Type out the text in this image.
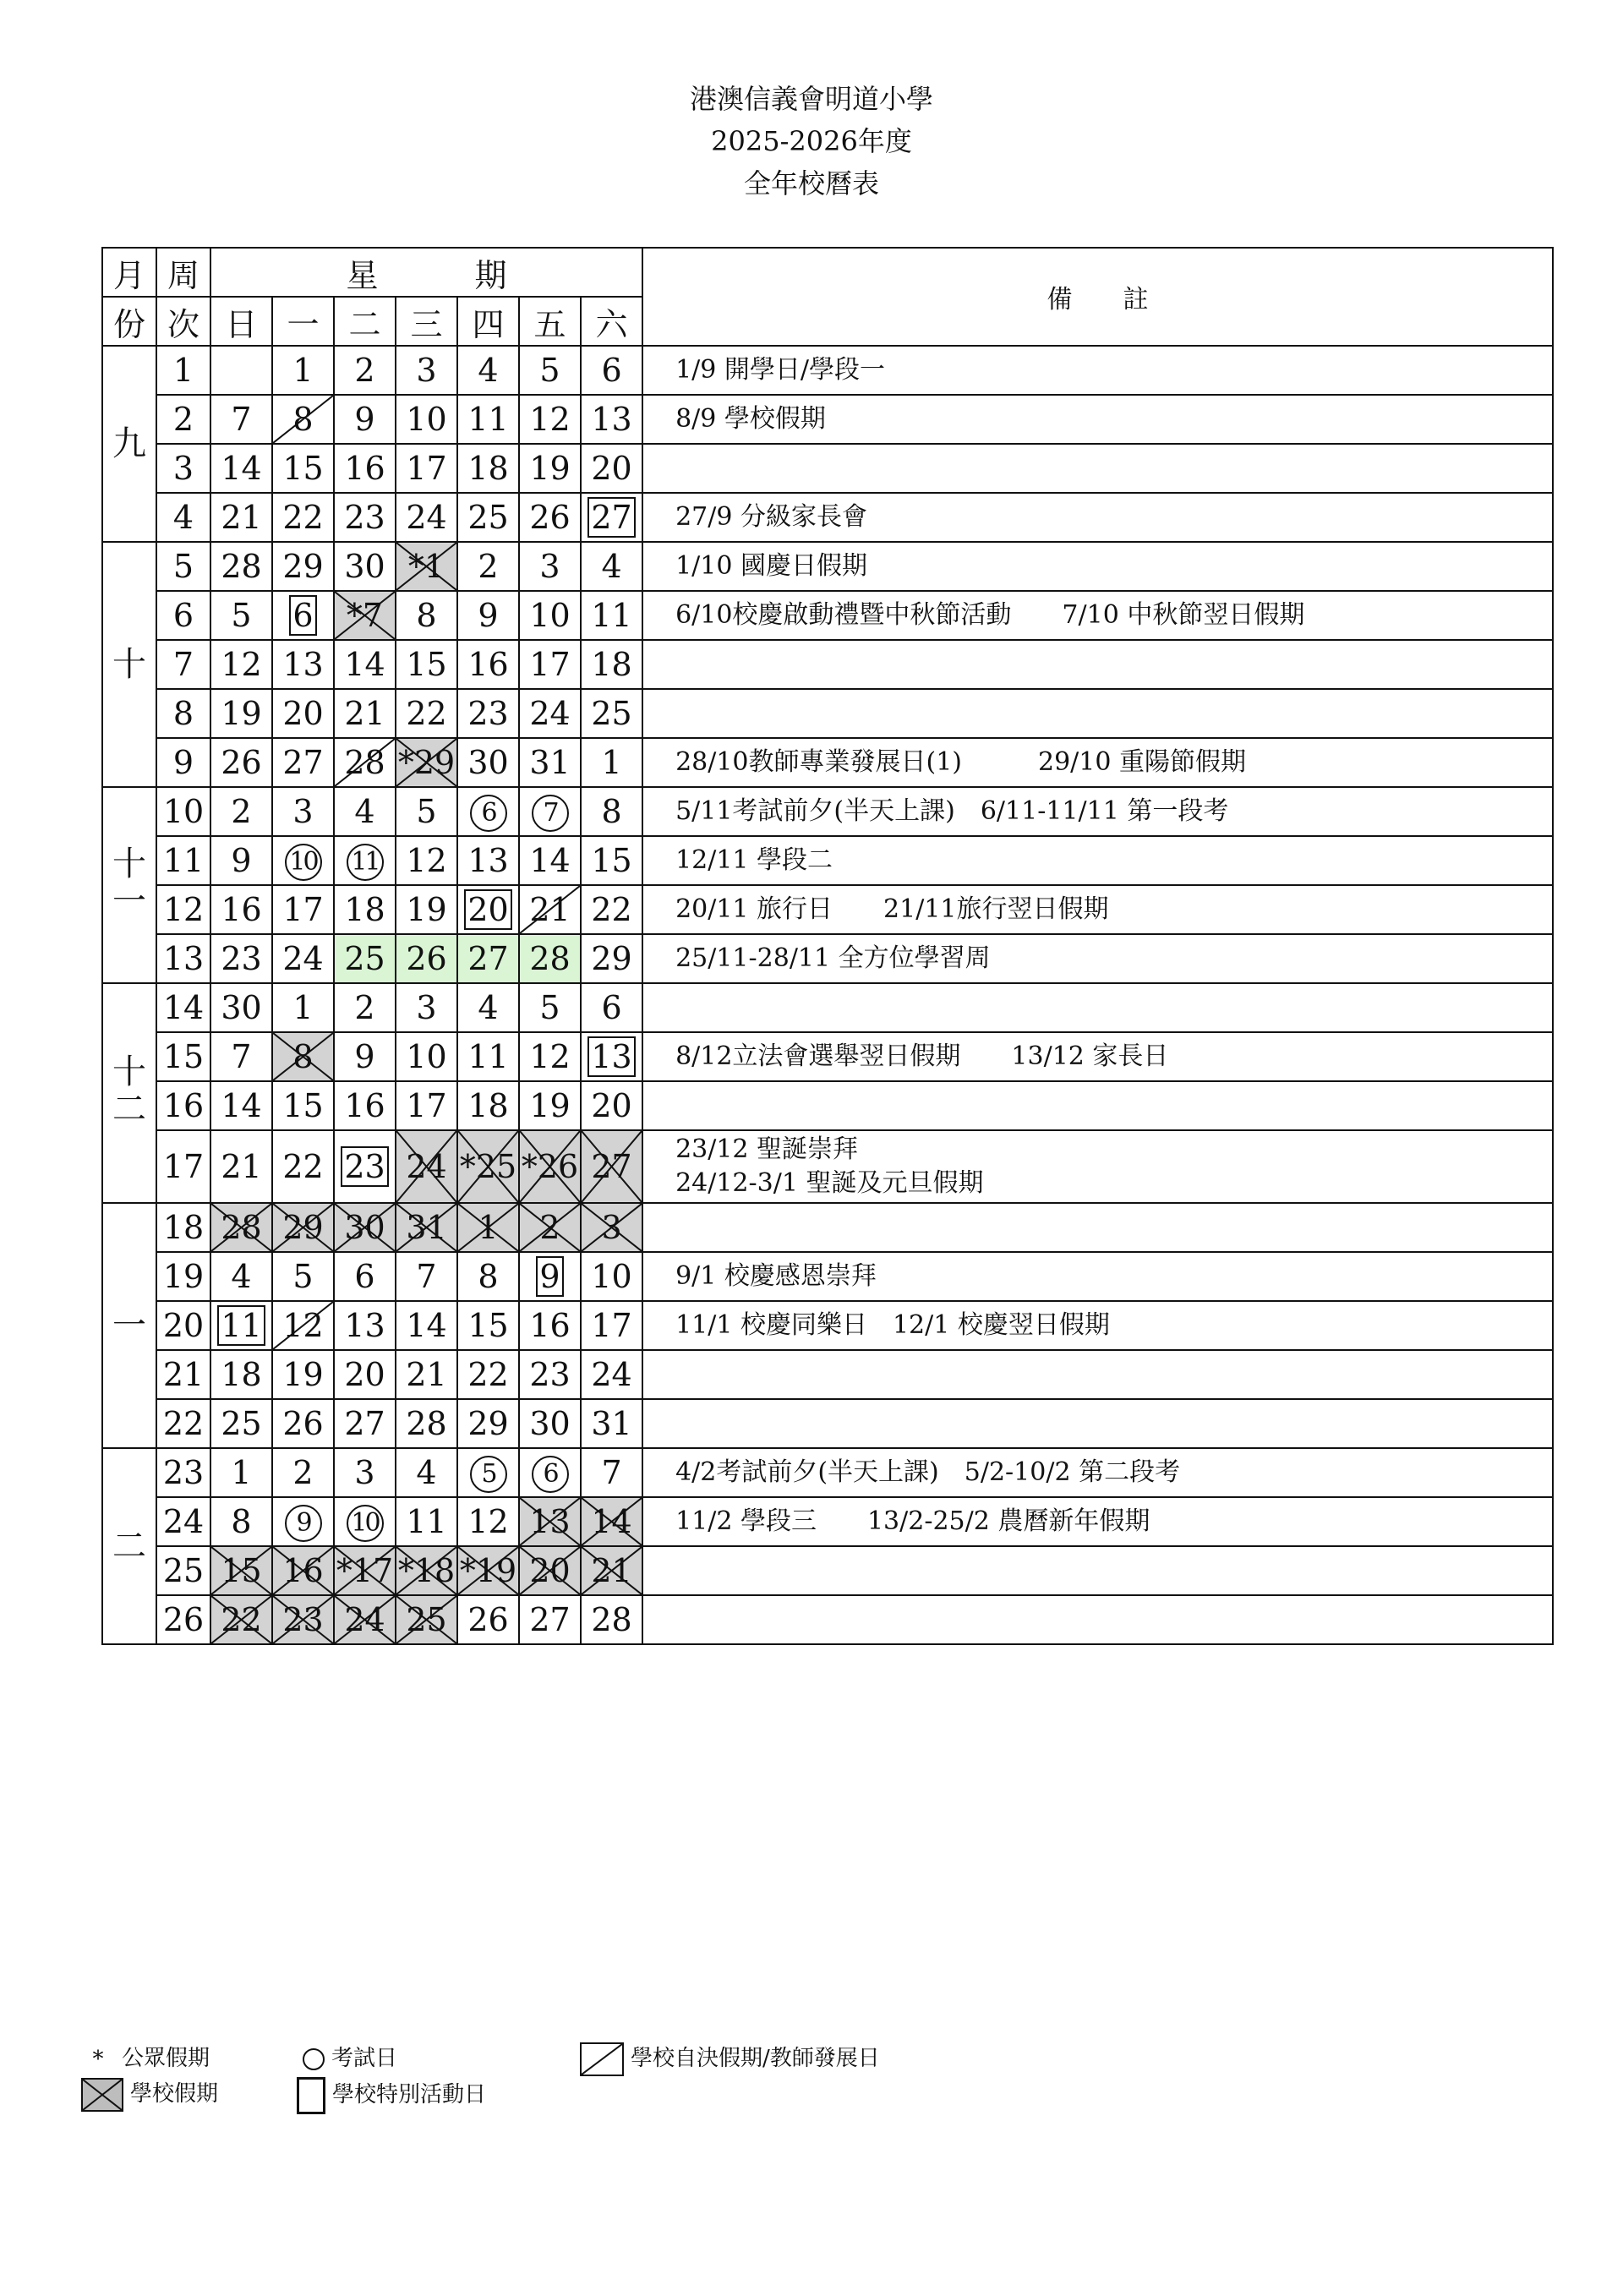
港澳信義會明道小學
2025-2026年度
全年校曆表
月	周	星　　　期							備　　註
份	次	日	一	二	三	四	五	六	
九	1		1	2	3	4	5	6	1/9 開學日/學段一

	2	7	8	9	10	11	12	13	8/9 學校假期

	3	14	15	16	17	18	19	20	

	4	21	22	23	24	25	26	27	27/9 分級家長會

十	5	28	29	30	*1	2	3	4	1/10 國慶日假期

	6	5	6	*7	8	9	10	11	6/10校慶啟動禮暨中秋節活動　　7/10 中秋節翌日假期

	7	12	13	14	15	16	17	18	

	8	19	20	21	22	23	24	25	

	9	26	27	28	*29	30	31	1	28/10教師專業發展日(1)　　　29/10 重陽節假期

十一	10	2	3	4	5	6	7	8	5/11考試前夕(半天上課)　6/11-11/11 第一段考

	11	9	10	11	12	13	14	15	12/11 學段二

	12	16	17	18	19	20	21	22	20/11 旅行日　　21/11旅行翌日假期

	13	23	24	25	26	27	28	29	25/11-28/11 全方位學習周

十二	14	30	1	2	3	4	5	6	

	15	7	8	9	10	11	12	13	8/12立法會選舉翌日假期　　13/12 家長日

	16	14	15	16	17	18	19	20	

	17	21	22	23	24	*25	*26	27	23/12 聖誕崇拜
24/12-3/1 聖誕及元旦假期

一	18	28	29	30	31	1	2	3	

	19	4	5	6	7	8	9	10	9/1 校慶感恩崇拜

	20	11	12	13	14	15	16	17	11/1 校慶同樂日　12/1 校慶翌日假期

	21	18	19	20	21	22	23	24	

	22	25	26	27	28	29	30	31	

二	23	1	2	3	4	5	6	7	4/2考試前夕(半天上課)　5/2-10/2 第二段考

	24	8	9	10	11	12	13	14	11/2 學段三　　13/2-25/2 農曆新年假期

	25	15	16	*17	*18	*19	20	21	

	26	22	23	24	25	26	27	28	
* 公眾假期	考試日	學校自決假期/教師發展日
學校假期	學校特別活動日
